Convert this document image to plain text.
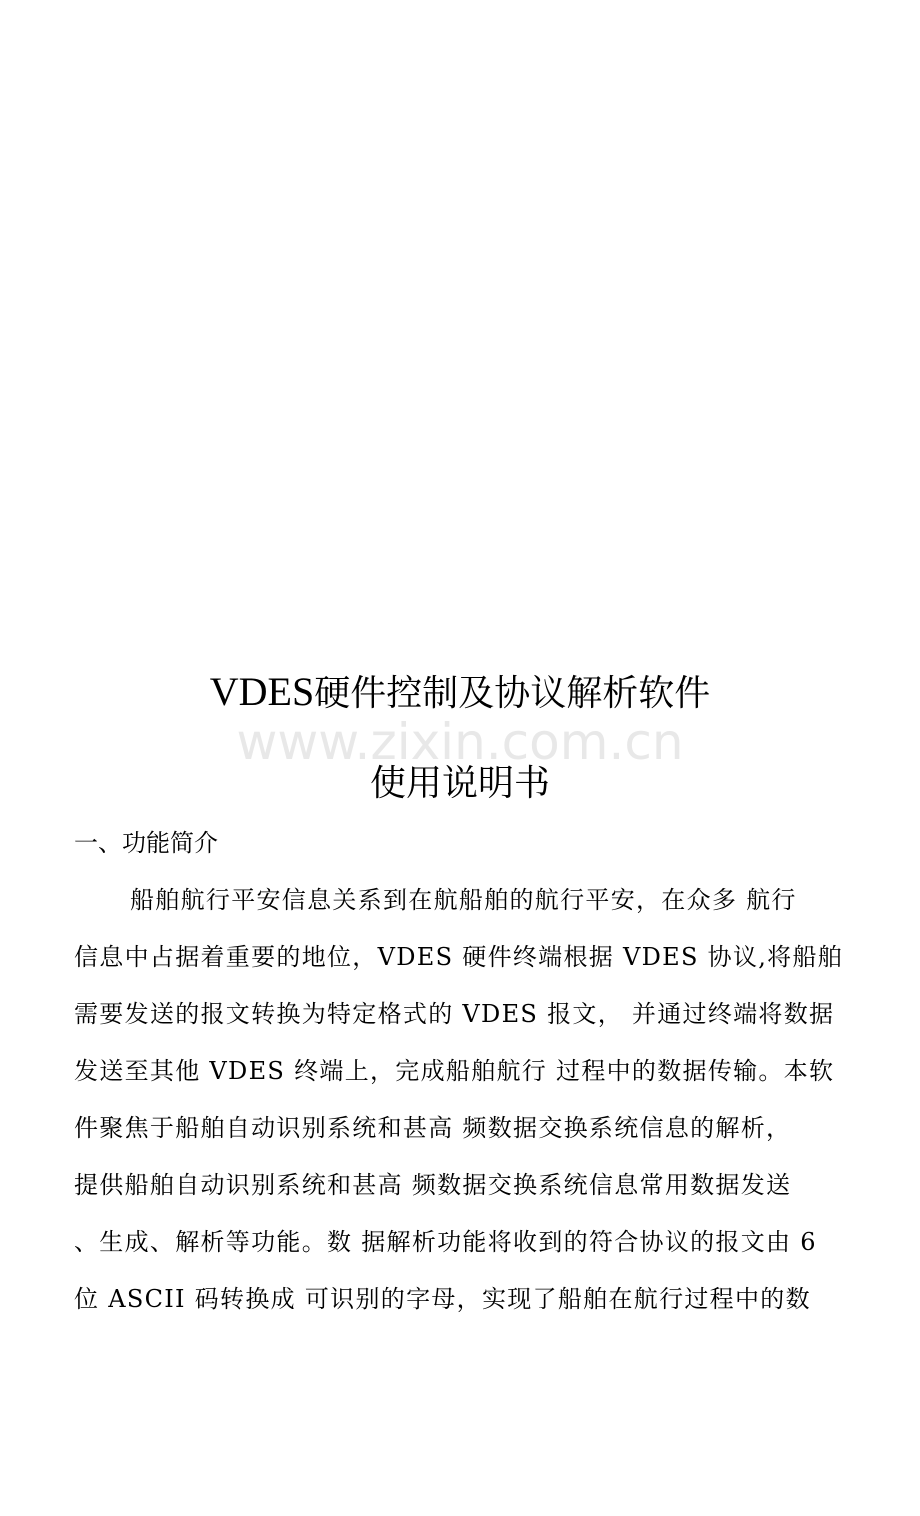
www.zixin.com.cn
VDES硬件控制及协议解析软件
使用说明书
一、功能简介
船舶航行平安信息关系到在航船舶的航行平安，在众多 航行
信息中占据着重要的地位，VDES 硬件终端根据 VDES 协议,将船舶
需要发送的报文转换为特定格式的 VDES 报文， 并通过终端将数据
发送至其他 VDES 终端上，完成船舶航行 过程中的数据传输。本软
件聚焦于船舶自动识别系统和甚高 频数据交换系统信息的解析，
提供船舶自动识别系统和甚高 频数据交换系统信息常用数据发送
、生成、解析等功能。数 据解析功能将收到的符合协议的报文由 6
位 ASCII 码转换成 可识别的字母，实现了船舶在航行过程中的数
